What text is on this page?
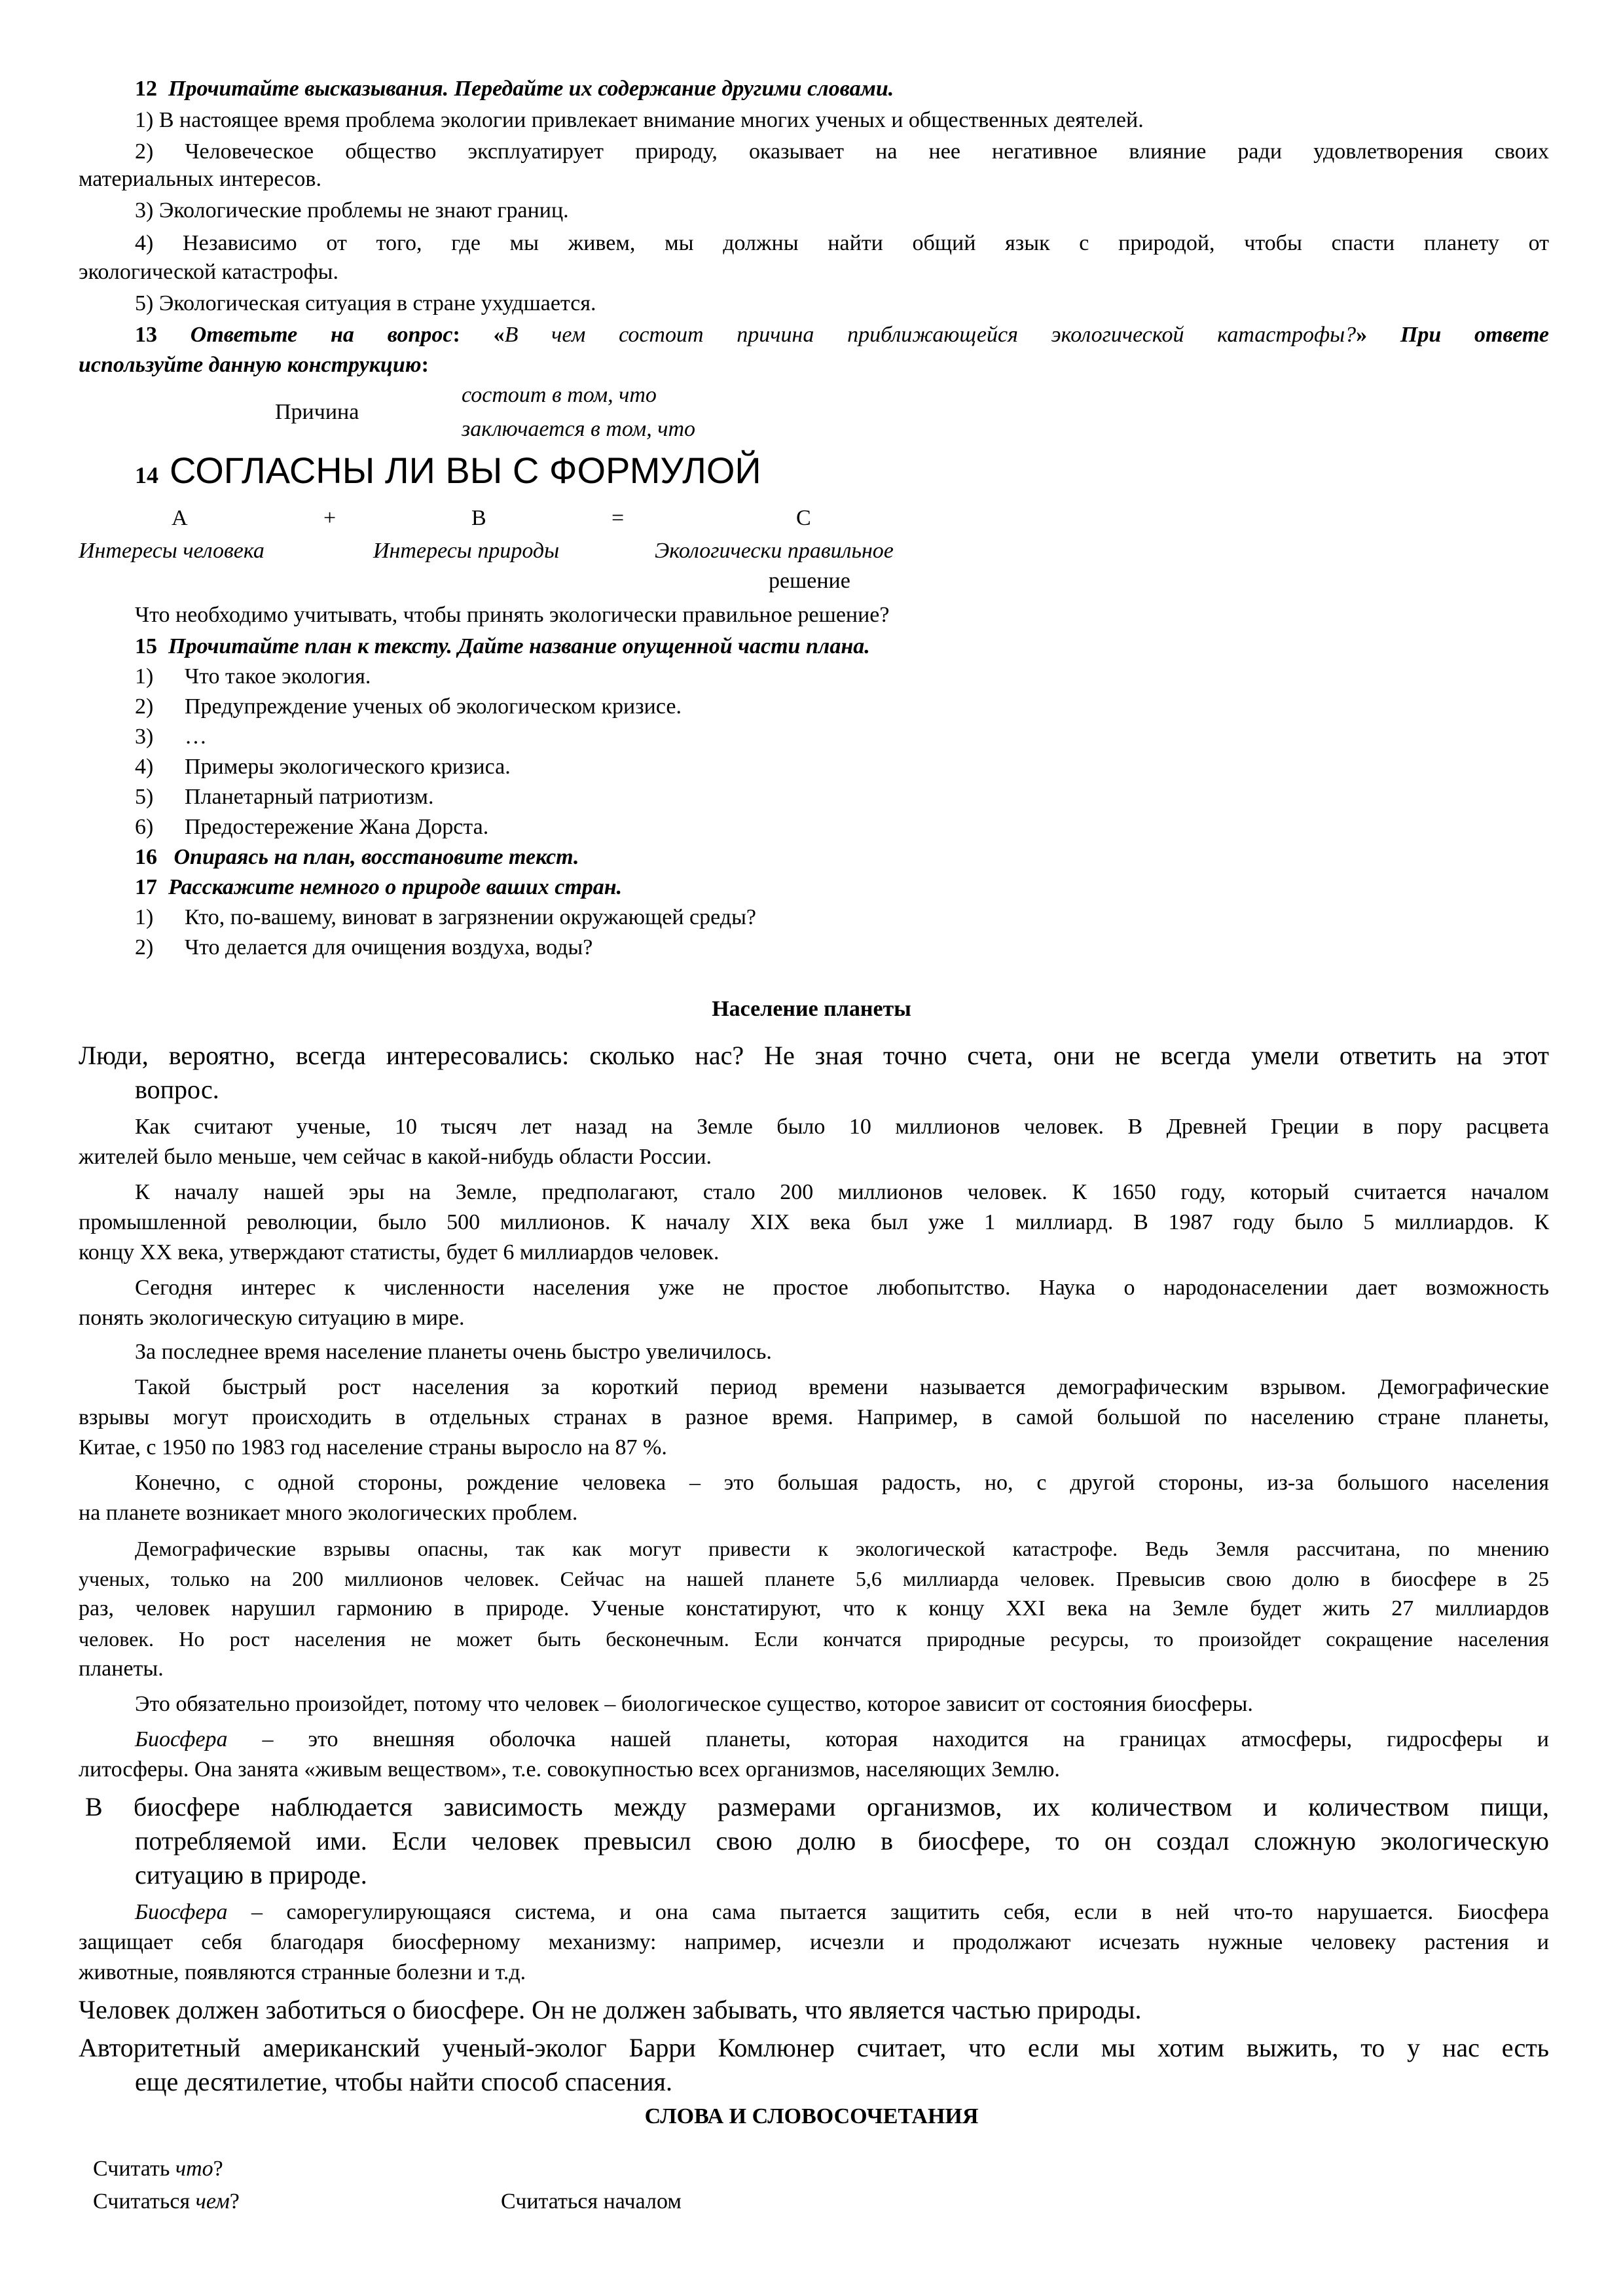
12 Прочитайте высказывания. Передайте их содержание другими словами.
1) В настоящее время проблема экологии привлекает внимание многих ученых и общественных деятелей.
2) Человеческое общество эксплуатирует природу, оказывает на нее негативное влияние ради удовлетворения своих
материальных интересов.
3) Экологические проблемы не знают границ.
4) Независимо от того, где мы живем, мы должны найти общий язык с природой, чтобы спасти планету от
экологической катастрофы.
5) Экологическая ситуация в стране ухудшается.
13 Ответьте на вопрос: «В чем состоит причина приближающейся экологической катастрофы?» При ответе
используйте данную конструкцию:
Причина
состоит в том, что
заключается в том, что
14 СОГЛАСНЫ ЛИ ВЫ С ФОРМУЛОЙ
А	+	В	=	С
Интересы человека	Интересы природы	Экологически правильное
решение
Что необходимо учитывать, чтобы принять экологически правильное решение?
15 Прочитайте план к тексту. Дайте название опущенной части плана.
1) Что такое экология.
2) Предупреждение ученых об экологическом кризисе.
3) …
4) Примеры экологического кризиса.
5) Планетарный патриотизм.
6) Предостережение Жана Дорста.
16 Опираясь на план, восстановите текст.
17 Расскажите немного о природе ваших стран.
1) Кто, по-вашему, виноват в загрязнении окружающей среды?
2) Что делается для очищения воздуха, воды?
Население планеты
Люди, вероятно, всегда интересовались: сколько нас? Не зная точно счета, они не всегда умели ответить на этот
вопрос.
Как считают ученые, 10 тысяч лет назад на Земле было 10 миллионов человек. В Древней Греции в пору расцвета
жителей было меньше, чем сейчас в какой-нибудь области России.
К началу нашей эры на Земле, предполагают, стало 200 миллионов человек. К 1650 году, который считается началом
промышленной революции, было 500 миллионов. К началу XIX века был уже 1 миллиард. В 1987 году было 5 миллиардов. К
концу XX века, утверждают статисты, будет 6 миллиардов человек.
Сегодня интерес к численности населения уже не простое любопытство. Наука о народонаселении дает возможность
понять экологическую ситуацию в мире.
За последнее время население планеты очень быстро увеличилось.
Такой быстрый рост населения за короткий период времени называется демографическим взрывом. Демографические
взрывы могут происходить в отдельных странах в разное время. Например, в самой большой по населению стране планеты,
Китае, с 1950 по 1983 год население страны выросло на 87 %.
Конечно, с одной стороны, рождение человека – это большая радость, но, с другой стороны, из-за большого населения
на планете возникает много экологических проблем.
Демографические взрывы опасны, так как могут привести к экологической катастрофе. Ведь Земля рассчитана, по мнению
ученых, только на 200 миллионов человек. Сейчас на нашей планете 5,6 миллиарда человек. Превысив свою долю в биосфере в 25
раз, человек нарушил гармонию в природе. Ученые констатируют, что к концу XXI века на Земле будет жить 27 миллиардов
человек. Но рост населения не может быть бесконечным. Если кончатся природные ресурсы, то произойдет сокращение населения
планеты.
Это обязательно произойдет, потому что человек – биологическое существо, которое зависит от состояния биосферы.
Биосфера – это внешняя оболочка нашей планеты, которая находится на границах атмосферы, гидросферы и
литосферы. Она занята «живым веществом», т.е. совокупностью всех организмов, населяющих Землю.
В биосфере наблюдается зависимость между размерами организмов, их количеством и количеством пищи,
потребляемой ими. Если человек превысил свою долю в биосфере, то он создал сложную экологическую
ситуацию в природе.
Биосфера – саморегулирующаяся система, и она сама пытается защитить себя, если в ней что-то нарушается. Биосфера
защищает себя благодаря биосферному механизму: например, исчезли и продолжают исчезать нужные человеку растения и
животные, появляются странные болезни и т.д.
Человек должен заботиться о биосфере. Он не должен забывать, что является частью природы.
Авторитетный американский ученый-эколог Барри Комлюнер считает, что если мы хотим выжить, то у нас есть
еще десятилетие, чтобы найти способ спасения.
СЛОВА И СЛОВОСОЧЕТАНИЯ
Считать что?
Считаться чем?	Считаться началом
